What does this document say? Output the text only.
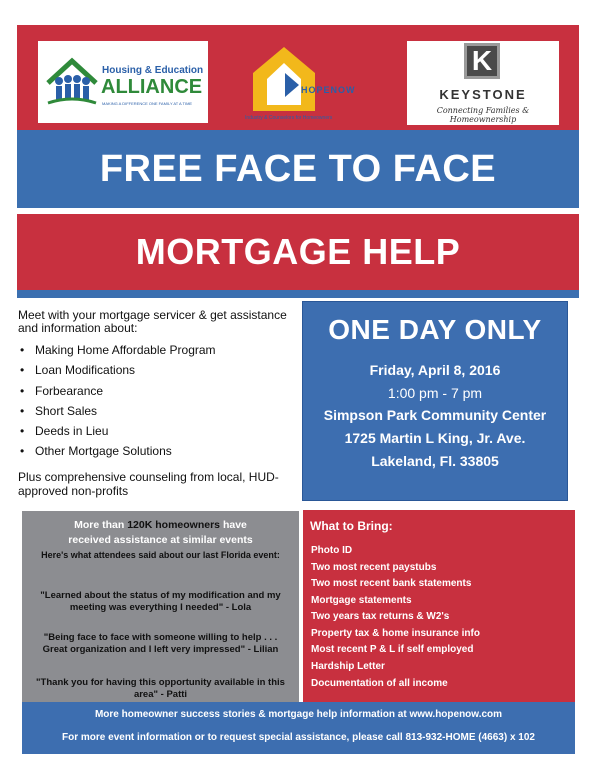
Housing & Education
ALLIANCE
MAKING A DIFFERENCE ONE FAMILY AT A TIME
HOPENOW
Industry & Counselors for Homeowners
K
KEYSTONE
Connecting Families & Homeownership
FREE FACE TO FACE
MORTGAGE HELP
Meet with your mortgage servicer & get assistance and information about:
• Making Home Affordable Program
• Loan Modifications
• Forbearance
• Short Sales
• Deeds in Lieu
• Other Mortgage Solutions
Plus comprehensive counseling from local, HUD-approved non-profits
ONE DAY ONLY
Friday, April 8, 2016
1:00 pm - 7 pm
Simpson Park Community Center
1725 Martin L King, Jr. Ave.
Lakeland, Fl. 33805
More than 120K homeowners have
received assistance at similar events
Here's what attendees said about our last Florida event:
"Learned about the status of my modification and my
meeting was everything I needed" - Lola
"Being face to face with someone willing to help . . .
Great organization and I left very impressed" - Lilian
"Thank you for having this opportunity available in this
area" - Patti
What to Bring:
Photo ID
Two most recent paystubs
Two most recent bank statements
Mortgage statements
Two years tax returns & W2's
Property tax & home insurance info
Most recent P & L if self employed
Hardship Letter
Documentation of all income
More homeowner success stories & mortgage help information at www.hopenow.com
For more event information or to request special assistance, please call 813-932-HOME (4663) x 102
